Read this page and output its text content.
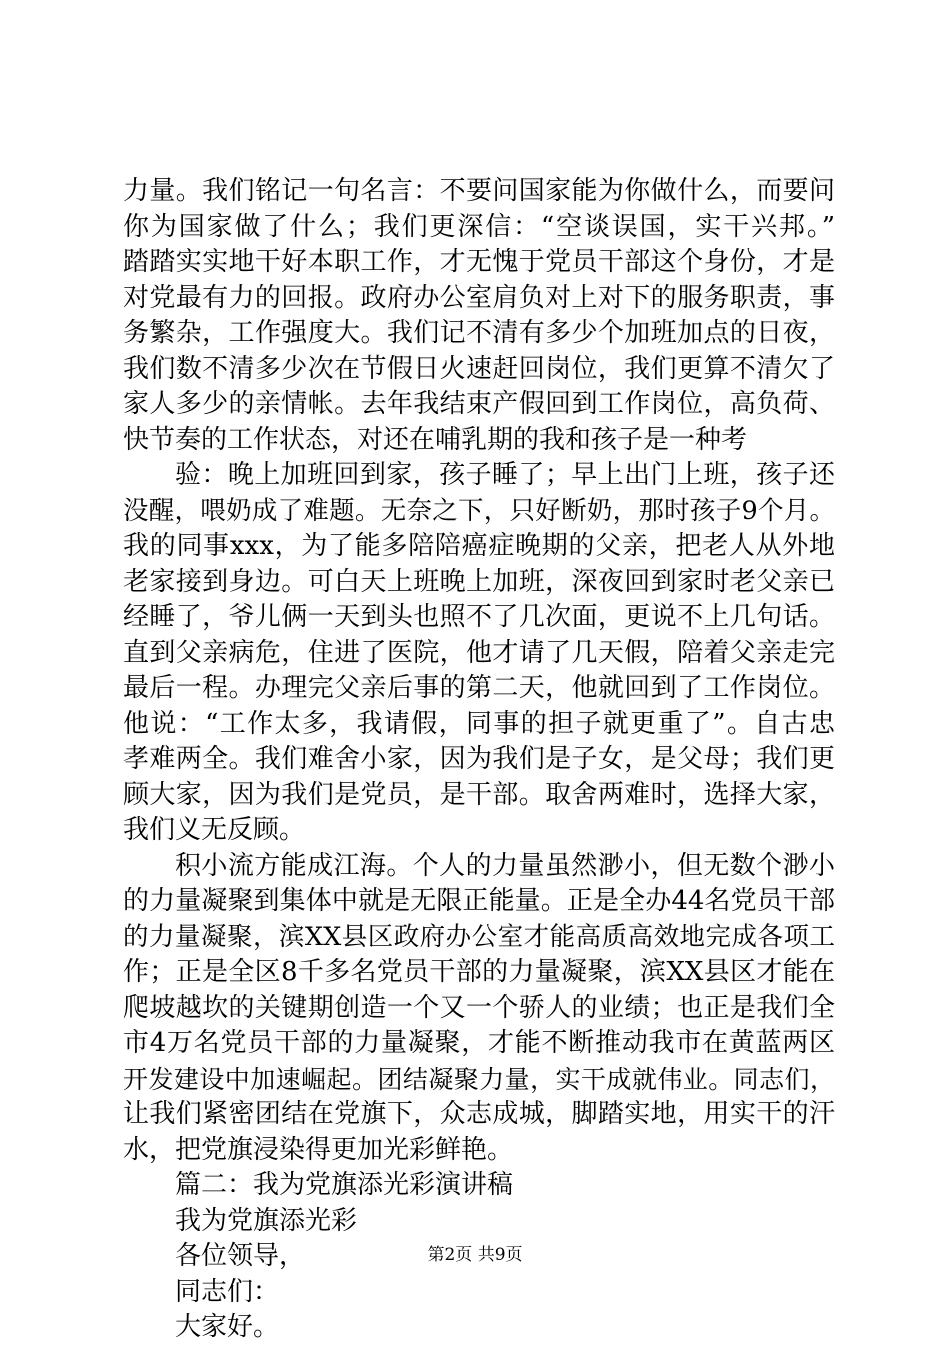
力量。我们铭记一句名言：不要问国家能为你做什么，而要问
你为国家做了什么；我们更深信：“空谈误国，实干兴邦。”
踏踏实实地干好本职工作，才无愧于党员干部这个身份，才是
对党最有力的回报。政府办公室肩负对上对下的服务职责，事
务繁杂，工作强度大。我们记不清有多少个加班加点的日夜，
我们数不清多少次在节假日火速赶回岗位，我们更算不清欠了
家人多少的亲情帐。去年我结束产假回到工作岗位，高负荷、
快节奏的工作状态，对还在哺乳期的我和孩子是一种考
验：晚上加班回到家，孩子睡了；早上出门上班，孩子还
没醒，喂奶成了难题。无奈之下，只好断奶，那时孩子9个月。
我的同事xxx，为了能多陪陪癌症晚期的父亲，把老人从外地
老家接到身边。可白天上班晚上加班，深夜回到家时老父亲已
经睡了，爷儿俩一天到头也照不了几次面，更说不上几句话。
直到父亲病危，住进了医院，他才请了几天假，陪着父亲走完
最后一程。办理完父亲后事的第二天，他就回到了工作岗位。
他说：“工作太多，我请假，同事的担子就更重了”。自古忠
孝难两全。我们难舍小家，因为我们是子女，是父母；我们更
顾大家，因为我们是党员，是干部。取舍两难时，选择大家，
我们义无反顾。
积小流方能成江海。个人的力量虽然渺小，但无数个渺小
的力量凝聚到集体中就是无限正能量。正是全办44名党员干部
的力量凝聚，滨XX县区政府办公室才能高质高效地完成各项工
作；正是全区8千多名党员干部的力量凝聚，滨XX县区才能在
爬坡越坎的关键期创造一个又一个骄人的业绩；也正是我们全
市4万名党员干部的力量凝聚，才能不断推动我市在黄蓝两区
开发建设中加速崛起。团结凝聚力量，实干成就伟业。同志们，
让我们紧密团结在党旗下，众志成城，脚踏实地，用实干的汗
水，把党旗浸染得更加光彩鲜艳。
篇二：我为党旗添光彩演讲稿
我为党旗添光彩
各位领导，
同志们：
大家好。
第2页 共9页
